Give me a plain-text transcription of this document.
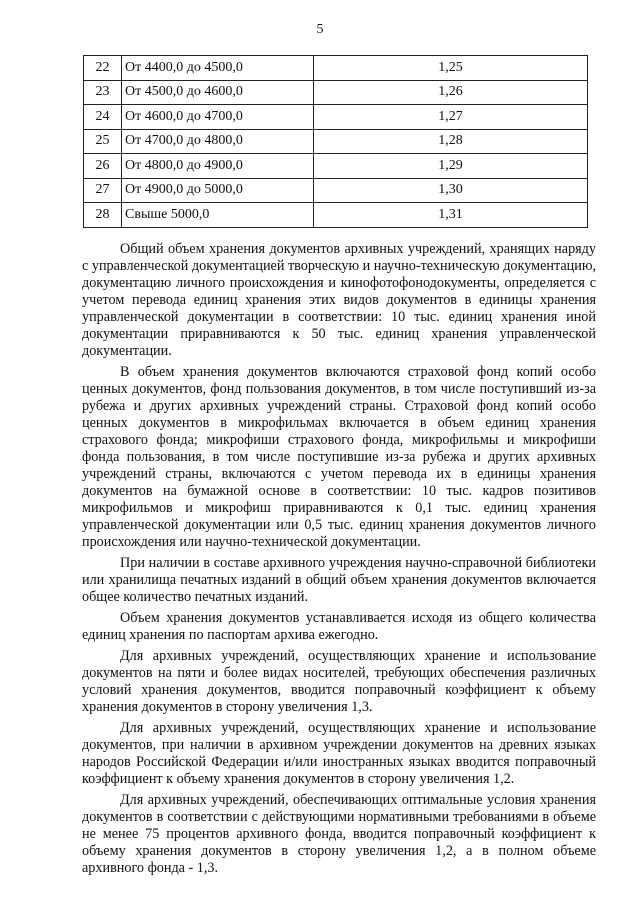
5
22	От 4400,0 до 4500,0	1,25
23	От 4500,0 до 4600,0	1,26
24	От 4600,0 до 4700,0	1,27
25	От 4700,0 до 4800,0	1,28
26	От 4800,0 до 4900,0	1,29
27	От 4900,0 до 5000,0	1,30
28	Свыше 5000,0	1,31

Общий объем хранения документов архивных учреждений, хранящих наряду с управленческой документацией творческую и научно-техническую документацию, документацию личного происхождения и кинофотофонодокументы, определяется с учетом перевода единиц хранения этих видов документов в единицы хранения управленческой документации в соответствии: 10 тыс. единиц хранения иной документации приравниваются к 50 тыс. единиц хранения управленческой документации.

В объем хранения документов включаются страховой фонд копий особо ценных документов, фонд пользования документов, в том числе поступивший из-за рубежа и других архивных учреждений страны. Страховой фонд копий особо ценных документов в микрофильмах включается в объем единиц хранения страхового фонда; микрофиши страхового фонда, микрофильмы и микрофиши фонда пользования, в том числе поступившие из-за рубежа и других архивных учреждений страны, включаются с учетом перевода их в единицы хранения документов на бумажной основе в соответствии: 10 тыс. кадров позитивов микрофильмов и микрофиш приравниваются к 0,1 тыс. единиц хранения управленческой документации или 0,5 тыс. единиц хранения документов личного происхождения или научно-технической документации.

При наличии в составе архивного учреждения научно-справочной библиотеки или хранилища печатных изданий в общий объем хранения документов включается общее количество печатных изданий.

Объем хранения документов устанавливается исходя из общего количества единиц хранения по паспортам архива ежегодно.

Для архивных учреждений, осуществляющих хранение и использование документов на пяти и более видах носителей, требующих обеспечения различных условий хранения документов, вводится поправочный коэффициент к объему хранения документов в сторону увеличения 1,3.

Для архивных учреждений, осуществляющих хранение и использование документов, при наличии в архивном учреждении документов на древних языках народов Российской Федерации и/или иностранных языках вводится поправочный коэффициент к объему хранения документов в сторону увеличения 1,2.

Для архивных учреждений, обеспечивающих оптимальные условия хранения документов в соответствии с действующими нормативными требованиями в объеме не менее 75 процентов архивного фонда, вводится поправочный коэффициент к объему хранения документов в сторону увеличения 1,2, а в полном объеме архивного фонда - 1,3.
